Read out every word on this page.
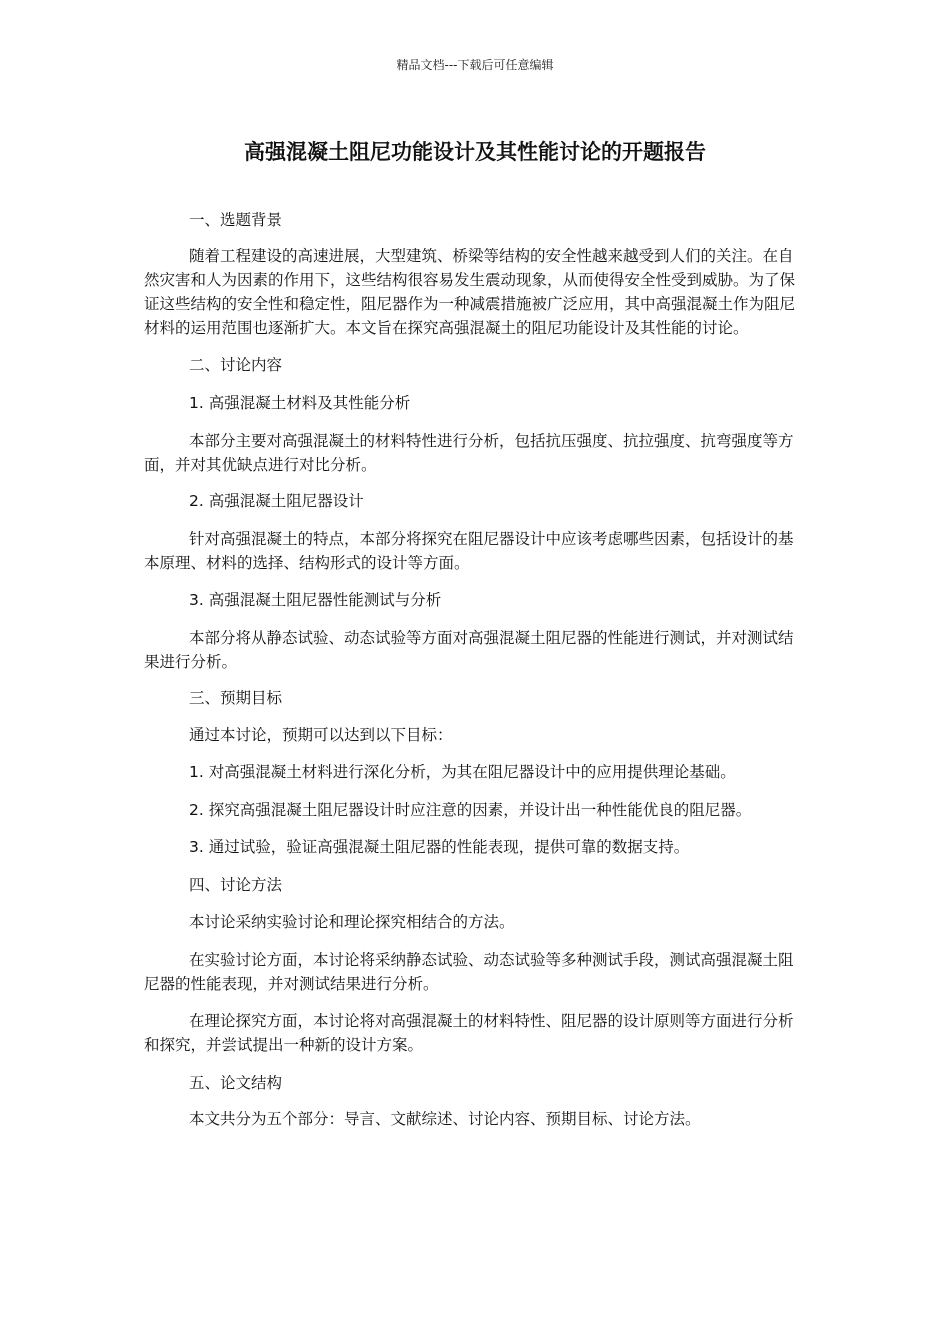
精品文档---下载后可任意编辑
高强混凝土阻尼功能设计及其性能讨论的开题报告

一、选题背景

随着工程建设的高速进展，大型建筑、桥梁等结构的安全性越来越受到人们的关注。在自然灾害和人为因素的作用下，这些结构很容易发生震动现象，从而使得安全性受到威胁。为了保证这些结构的安全性和稳定性，阻尼器作为一种减震措施被广泛应用，其中高强混凝土作为阻尼材料的运用范围也逐渐扩大。本文旨在探究高强混凝土的阻尼功能设计及其性能的讨论。

二、讨论内容

1. 高强混凝土材料及其性能分析

本部分主要对高强混凝土的材料特性进行分析，包括抗压强度、抗拉强度、抗弯强度等方面，并对其优缺点进行对比分析。

2. 高强混凝土阻尼器设计

针对高强混凝土的特点，本部分将探究在阻尼器设计中应该考虑哪些因素，包括设计的基本原理、材料的选择、结构形式的设计等方面。

3. 高强混凝土阻尼器性能测试与分析

本部分将从静态试验、动态试验等方面对高强混凝土阻尼器的性能进行测试，并对测试结果进行分析。

三、预期目标

通过本讨论，预期可以达到以下目标：

1. 对高强混凝土材料进行深化分析，为其在阻尼器设计中的应用提供理论基础。

2. 探究高强混凝土阻尼器设计时应注意的因素，并设计出一种性能优良的阻尼器。

3. 通过试验，验证高强混凝土阻尼器的性能表现，提供可靠的数据支持。

四、讨论方法

本讨论采纳实验讨论和理论探究相结合的方法。

在实验讨论方面，本讨论将采纳静态试验、动态试验等多种测试手段，测试高强混凝土阻尼器的性能表现，并对测试结果进行分析。

在理论探究方面，本讨论将对高强混凝土的材料特性、阻尼器的设计原则等方面进行分析和探究，并尝试提出一种新的设计方案。

五、论文结构

本文共分为五个部分：导言、文献综述、讨论内容、预期目标、讨论方法。
